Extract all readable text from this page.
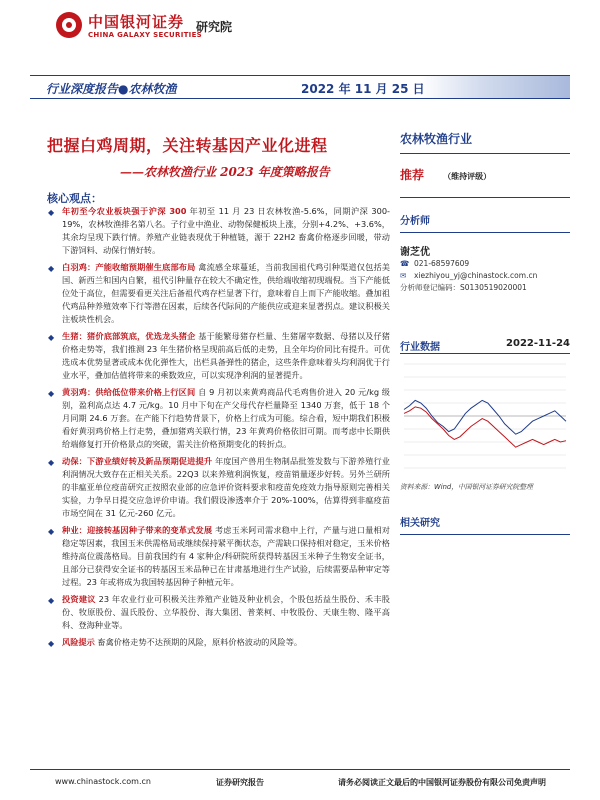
中国银河证券
CHINA GALAXY SECURITIES
研究院
行业深度报告●农林牧渔	2022 年 11 月 25 日
把握白鸡周期，关注转基因产业化进程
——农林牧渔行业 2023 年度策略报告
核心观点：
◆ 年初至今农业板块强于沪深 300 年初至 11 月 23 日农林牧渔-5.6%，同期沪深 300-19%，农林牧渔排名第八名。子行业中渔业、动物保健板块上涨，分别+4.2%、+3.6%，其余均呈现下跌行情。养殖产业链表现优于种植链，源于 22H2 畜禽价格逐步回暖，带动下游饲料、动保行情好转。
◆ 白羽鸡：产能收缩预期催生底部布局 禽流感全球蔓延，当前我国祖代鸡引种渠道仅包括美国、新西兰和国内自繁，祖代引种量存在较大不确定性，供给端收缩初现端倪。当下产能低位处于高位，但需要看更关注后备祖代鸡存栏显著下行，意味着自上而下产能收缩。叠加祖代鸡品种养殖效率下行等潜在因素，后续各代际间的产能供应或迎来显著拐点。建议积极关注板块性机会。
◆ 生猪：猪价底部筑底，优选龙头猪企 基于能繁母猪存栏量、生猪屠宰数据、母猪以及仔猪价格走势等，我们推测 23 年生猪价格呈现前高后低的走势，且全年均价同比有提升。可优选成本优势显著或成本优化弹性大，出栏具备弹性的猪企，这些条件意味着头均利润优于行业水平，叠加估值将带来的乘数效应，可以实现净利润的显著提升。
◆ 黄羽鸡：供给低位带来价格上行区间 自 9 月初以来黄鸡商品代毛鸡售价进入 20 元/kg 级别，盈利高点达 4.7 元/kg。10 月中下旬在产父母代存栏量降至 1340 万套，低于 18 个月同期 24.6 万套。在产能下行趋势背景下，价格上行成为可能。综合看，短中期我们积极看好黄羽鸡价格上行走势，叠加猪鸡关联行情，23 年黄鸡价格依旧可期。而考虑中长期供给端修复打开价格景点的突破，需关注价格预期变化的转折点。
◆ 动保：下游业绩好转及新品预期促进提升 年度国产兽用生物制品批签发数与下游养殖行业利润情况大致存在正相关关系。22Q3 以来养殖利润恢复，疫苗销量逐步好转。另外兰研所的非瘟亚单位疫苗研究正按照农业部的应急评价资料要求和疫苗免疫效力指导原则完善相关实验，力争早日提交应急评价申请。我们假设渗透率介于 20%-100%，估算得到非瘟疫苗市场空间在 31 亿元-260 亿元。
◆ 种业：迎接转基因种子带来的变革式发展 考虑玉米阿司需求稳中上行，产量与进口量相对稳定等因素，我国玉米供需格局或继续保持紧平衡状态，产需缺口保持相对稳定，玉米价格维持高位震荡格局。目前我国约有 4 家种企/科研院所获得转基因玉米种子生物安全证书，且部分已获得安全证书的转基因玉米品种已在甘肃基地进行生产试验，后续需要品种审定等过程。23 年或将成为我国转基因种子种植元年。
◆ 投资建议 23 年农业行业可积极关注养殖产业链及种业机会，个股包括益生股份、禾丰股份、牧原股份、温氏股份、立华股份、海大集团、普莱柯、中牧股份、天康生物、隆平高科、登海种业等。
◆ 风险提示 畜禽价格走势不达预期的风险，原料价格波动的风险等。
农林牧渔行业
推荐 （维持评级）
分析师
谢芝优
☎ 021-68597609
✉ xiezhiyou_yj@chinastock.com.cn
分析师登记编码：S0130519020001
行业数据	2022-11-24
资料来源：Wind，中国银河证券研究院整理
相关研究
www.chinastock.com.cn	证券研究报告	请务必阅读正文最后的中国银河证券股份有限公司免责声明
